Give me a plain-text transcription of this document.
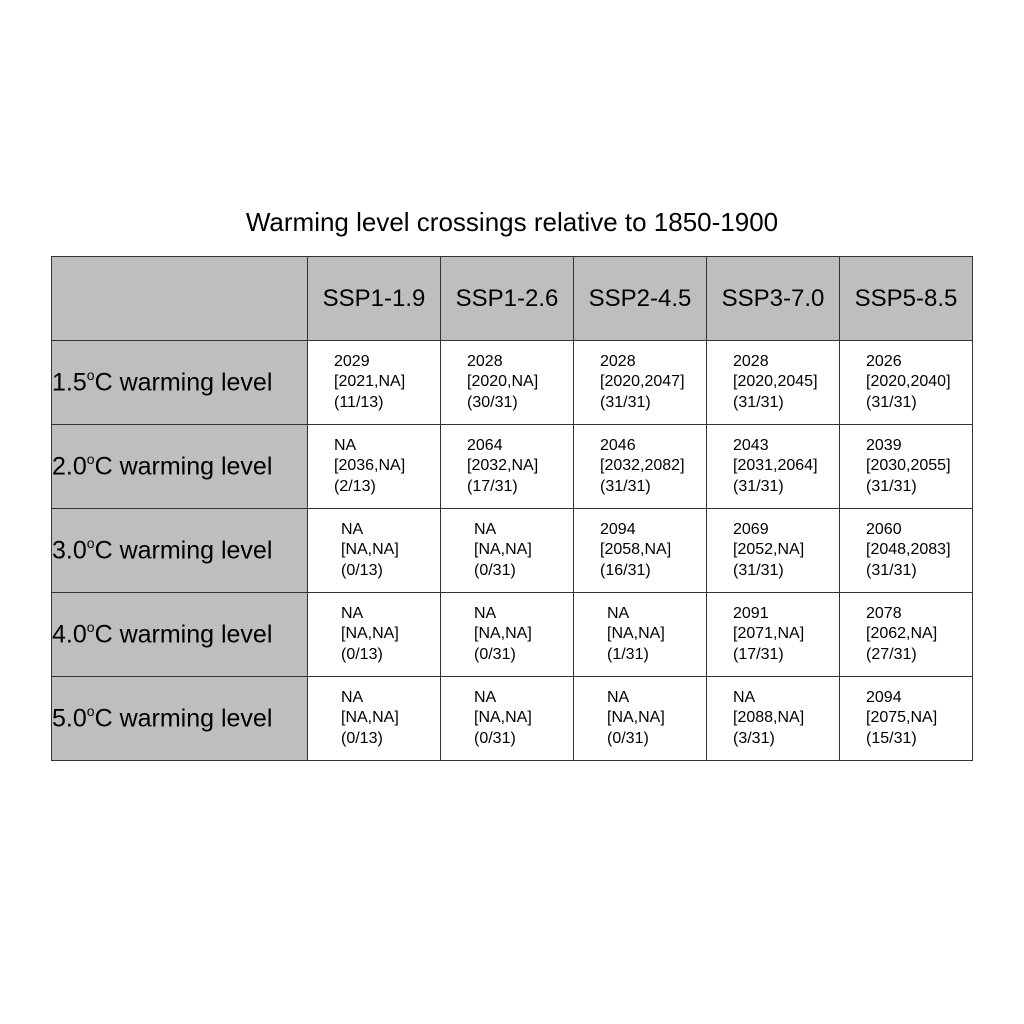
Warming level crossings relative to 1850-1900
	SSP1-1.9	SSP1-2.6	SSP2-4.5	SSP3-7.0	SSP5-8.5
1.5$^o$C warming level	2029
[2021,NA]
(11/13)	2028
[2020,NA]
(30/31)	2028
[2020,2047]
(31/31)	2028
[2020,2045]
(31/31)	2026
[2020,2040]
(31/31)

2.0$^o$C warming level	NA
[2036,NA]
(2/13)	2064
[2032,NA]
(17/31)	2046
[2032,2082]
(31/31)	2043
[2031,2064]
(31/31)	2039
[2030,2055]
(31/31)

3.0$^o$C warming level	NA
[NA,NA]
(0/13)	NA
[NA,NA]
(0/31)	2094
[2058,NA]
(16/31)	2069
[2052,NA]
(31/31)	2060
[2048,2083]
(31/31)

4.0$^o$C warming level	NA
[NA,NA]
(0/13)	NA
[NA,NA]
(0/31)	NA
[NA,NA]
(1/31)	2091
[2071,NA]
(17/31)	2078
[2062,NA]
(27/31)

5.0$^o$C warming level	NA
[NA,NA]
(0/13)	NA
[NA,NA]
(0/31)	NA
[NA,NA]
(0/31)	NA
[2088,NA]
(3/31)	2094
[2075,NA]
(15/31)
